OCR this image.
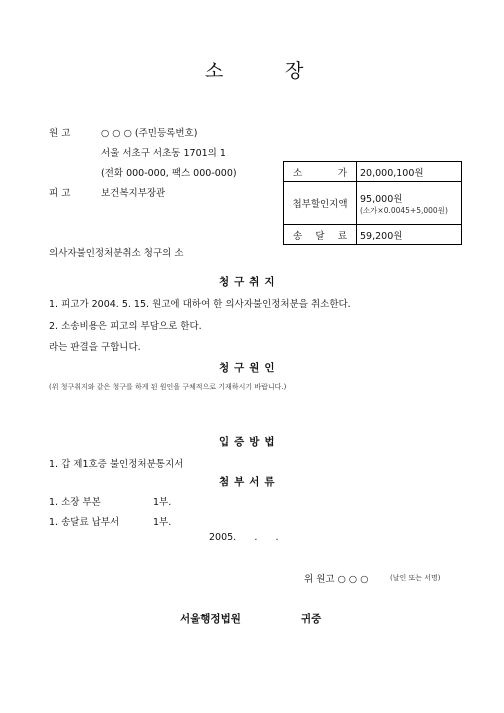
소	장
원 고	○ ○ ○ (주민등록번호)
서울 서초구 서초동 1701의 1
(전화 000-000, 팩스 000-000)
피 고	보건복지부장관
소 가	20,000,100원
첩부할인지액	95,000원
(소가×0.0045+5,000원)

송 달 료	59,200원
의사자불인정처분취소 청구의 소
청구취지
1. 피고가 2004. 5. 15. 원고에 대하여 한 의사자불인정처분을 취소한다.
2. 소송비용은 피고의 부담으로 한다.
라는 판결을 구합니다.
청구원인
(위 청구취지와 같은 청구를 하게 된 원인을 구체적으로 기재하시기 바랍니다.)
입증방법
1. 갑 제1호증 불인정처분통지서
첨부서류
1. 소장 부본	1부.
1. 송달료 납부서	1부.
2005.      .      .
위 원고 ○ ○ ○	(날인 또는 서명)
서울행정법원	귀중
